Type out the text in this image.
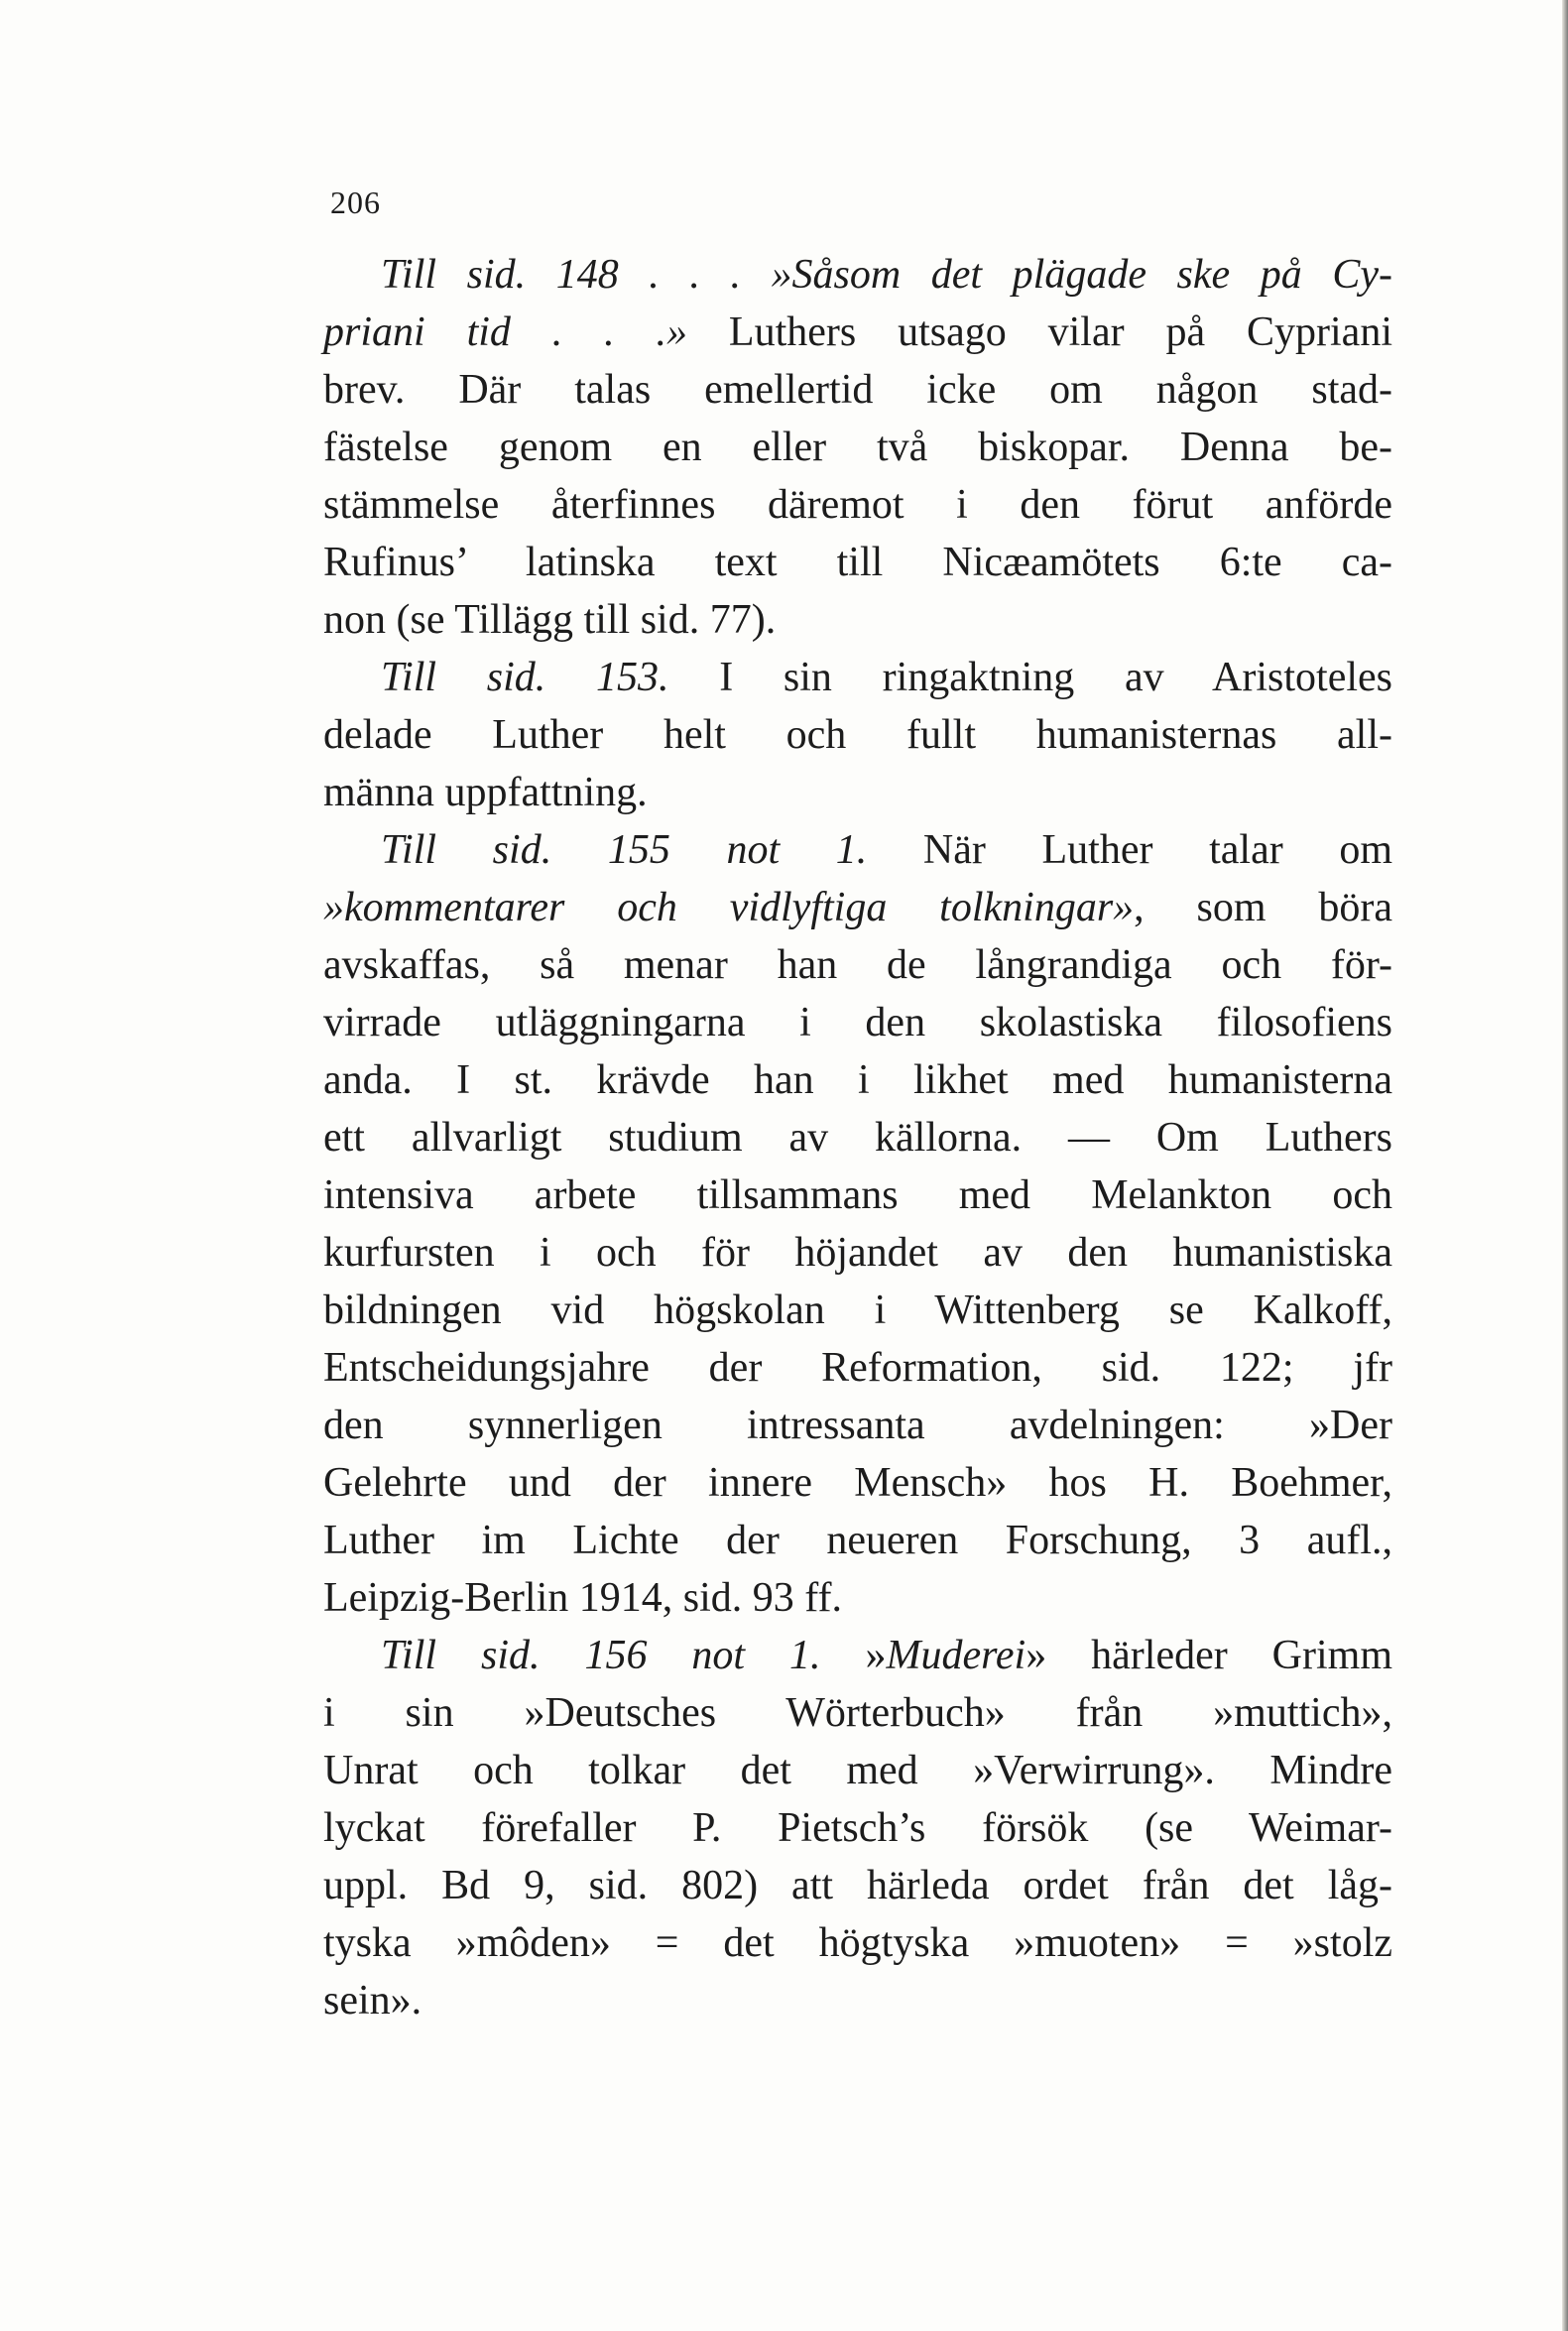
206
Till sid. 148 . . . »Såsom det plägade ske på Cy-
priani tid . . .» Luthers utsago vilar på Cypriani
brev. Där talas emellertid icke om någon stad-
fästelse genom en eller två biskopar. Denna be-
stämmelse återfinnes däremot i den förut anförde
Rufinus’ latinska text till Nicæamötets 6:te ca-
non (se Tillägg till sid. 77).
Till sid. 153. I sin ringaktning av Aristoteles
delade Luther helt och fullt humanisternas all-
männa uppfattning.
Till sid. 155 not 1. När Luther talar om
»kommentarer och vidlyftiga tolkningar», som böra
avskaffas, så menar han de långrandiga och för-
virrade utläggningarna i den skolastiska filosofiens
anda. I st. krävde han i likhet med humanisterna
ett allvarligt studium av källorna. — Om Luthers
intensiva arbete tillsammans med Melankton och
kurfursten i och för höjandet av den humanistiska
bildningen vid högskolan i Wittenberg se Kalkoff,
Entscheidungsjahre der Reformation, sid. 122; jfr
den synnerligen intressanta avdelningen: »Der
Gelehrte und der innere Mensch» hos H. Boehmer,
Luther im Lichte der neueren Forschung, 3 aufl.,
Leipzig-Berlin 1914, sid. 93 ff.
Till sid. 156 not 1. »Muderei» härleder Grimm
i sin »Deutsches Wörterbuch» från »muttich»,
Unrat och tolkar det med »Verwirrung». Mindre
lyckat förefaller P. Pietsch’s försök (se Weimar-
uppl. Bd 9, sid. 802) att härleda ordet från det låg-
tyska »môden» = det högtyska »muoten» = »stolz
sein».
